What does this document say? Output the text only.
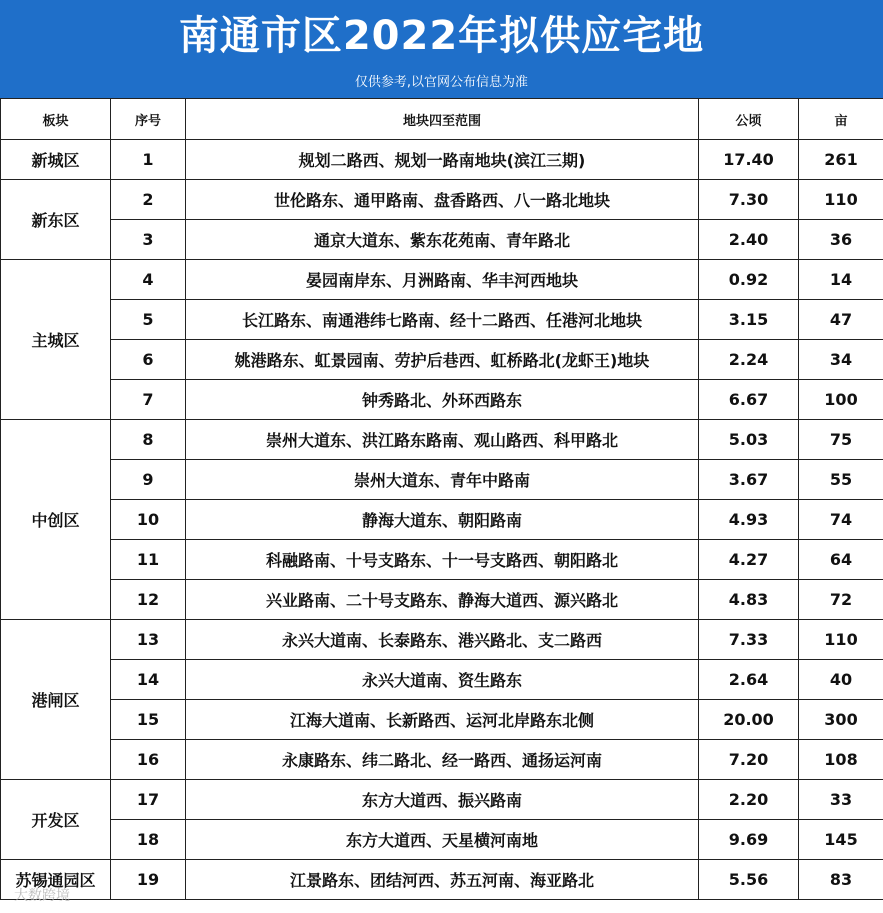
南通市区2022年拟供应宅地
仅供参考,以官网公布信息为准
板块	序号	地块四至范围	公顷	亩
新城区	1	规划二路西、规划一路南地块(滨江三期)	17.40	261
新东区	2	世伦路东、通甲路南、盘香路西、八一路北地块	7.30	110
	3	通京大道东、紫东花苑南、青年路北	2.40	36
主城区	4	晏园南岸东、月洲路南、华丰河西地块	0.92	14
	5	长江路东、南通港纬七路南、经十二路西、任港河北地块	3.15	47
	6	姚港路东、虹景园南、劳护后巷西、虹桥路北(龙虾王)地块	2.24	34
	7	钟秀路北、外环西路东	6.67	100
中创区	8	崇州大道东、洪江路东路南、观山路西、科甲路北	5.03	75
	9	崇州大道东、青年中路南	3.67	55
	10	静海大道东、朝阳路南	4.93	74
	11	科融路南、十号支路东、十一号支路西、朝阳路北	4.27	64
	12	兴业路南、二十号支路东、静海大道西、源兴路北	4.83	72
港闸区	13	永兴大道南、长泰路东、港兴路北、支二路西	7.33	110
	14	永兴大道南、资生路东	2.64	40
	15	江海大道南、长新路西、运河北岸路东北侧	20.00	300
	16	永康路东、纬二路北、经一路西、通扬运河南	7.20	108
开发区	17	东方大道西、振兴路南	2.20	33
	18	东方大道西、天星横河南地	9.69	145
苏锡通园区	19	江景路东、团结河西、苏五河南、海亚路北	5.56	83
大数跨境
